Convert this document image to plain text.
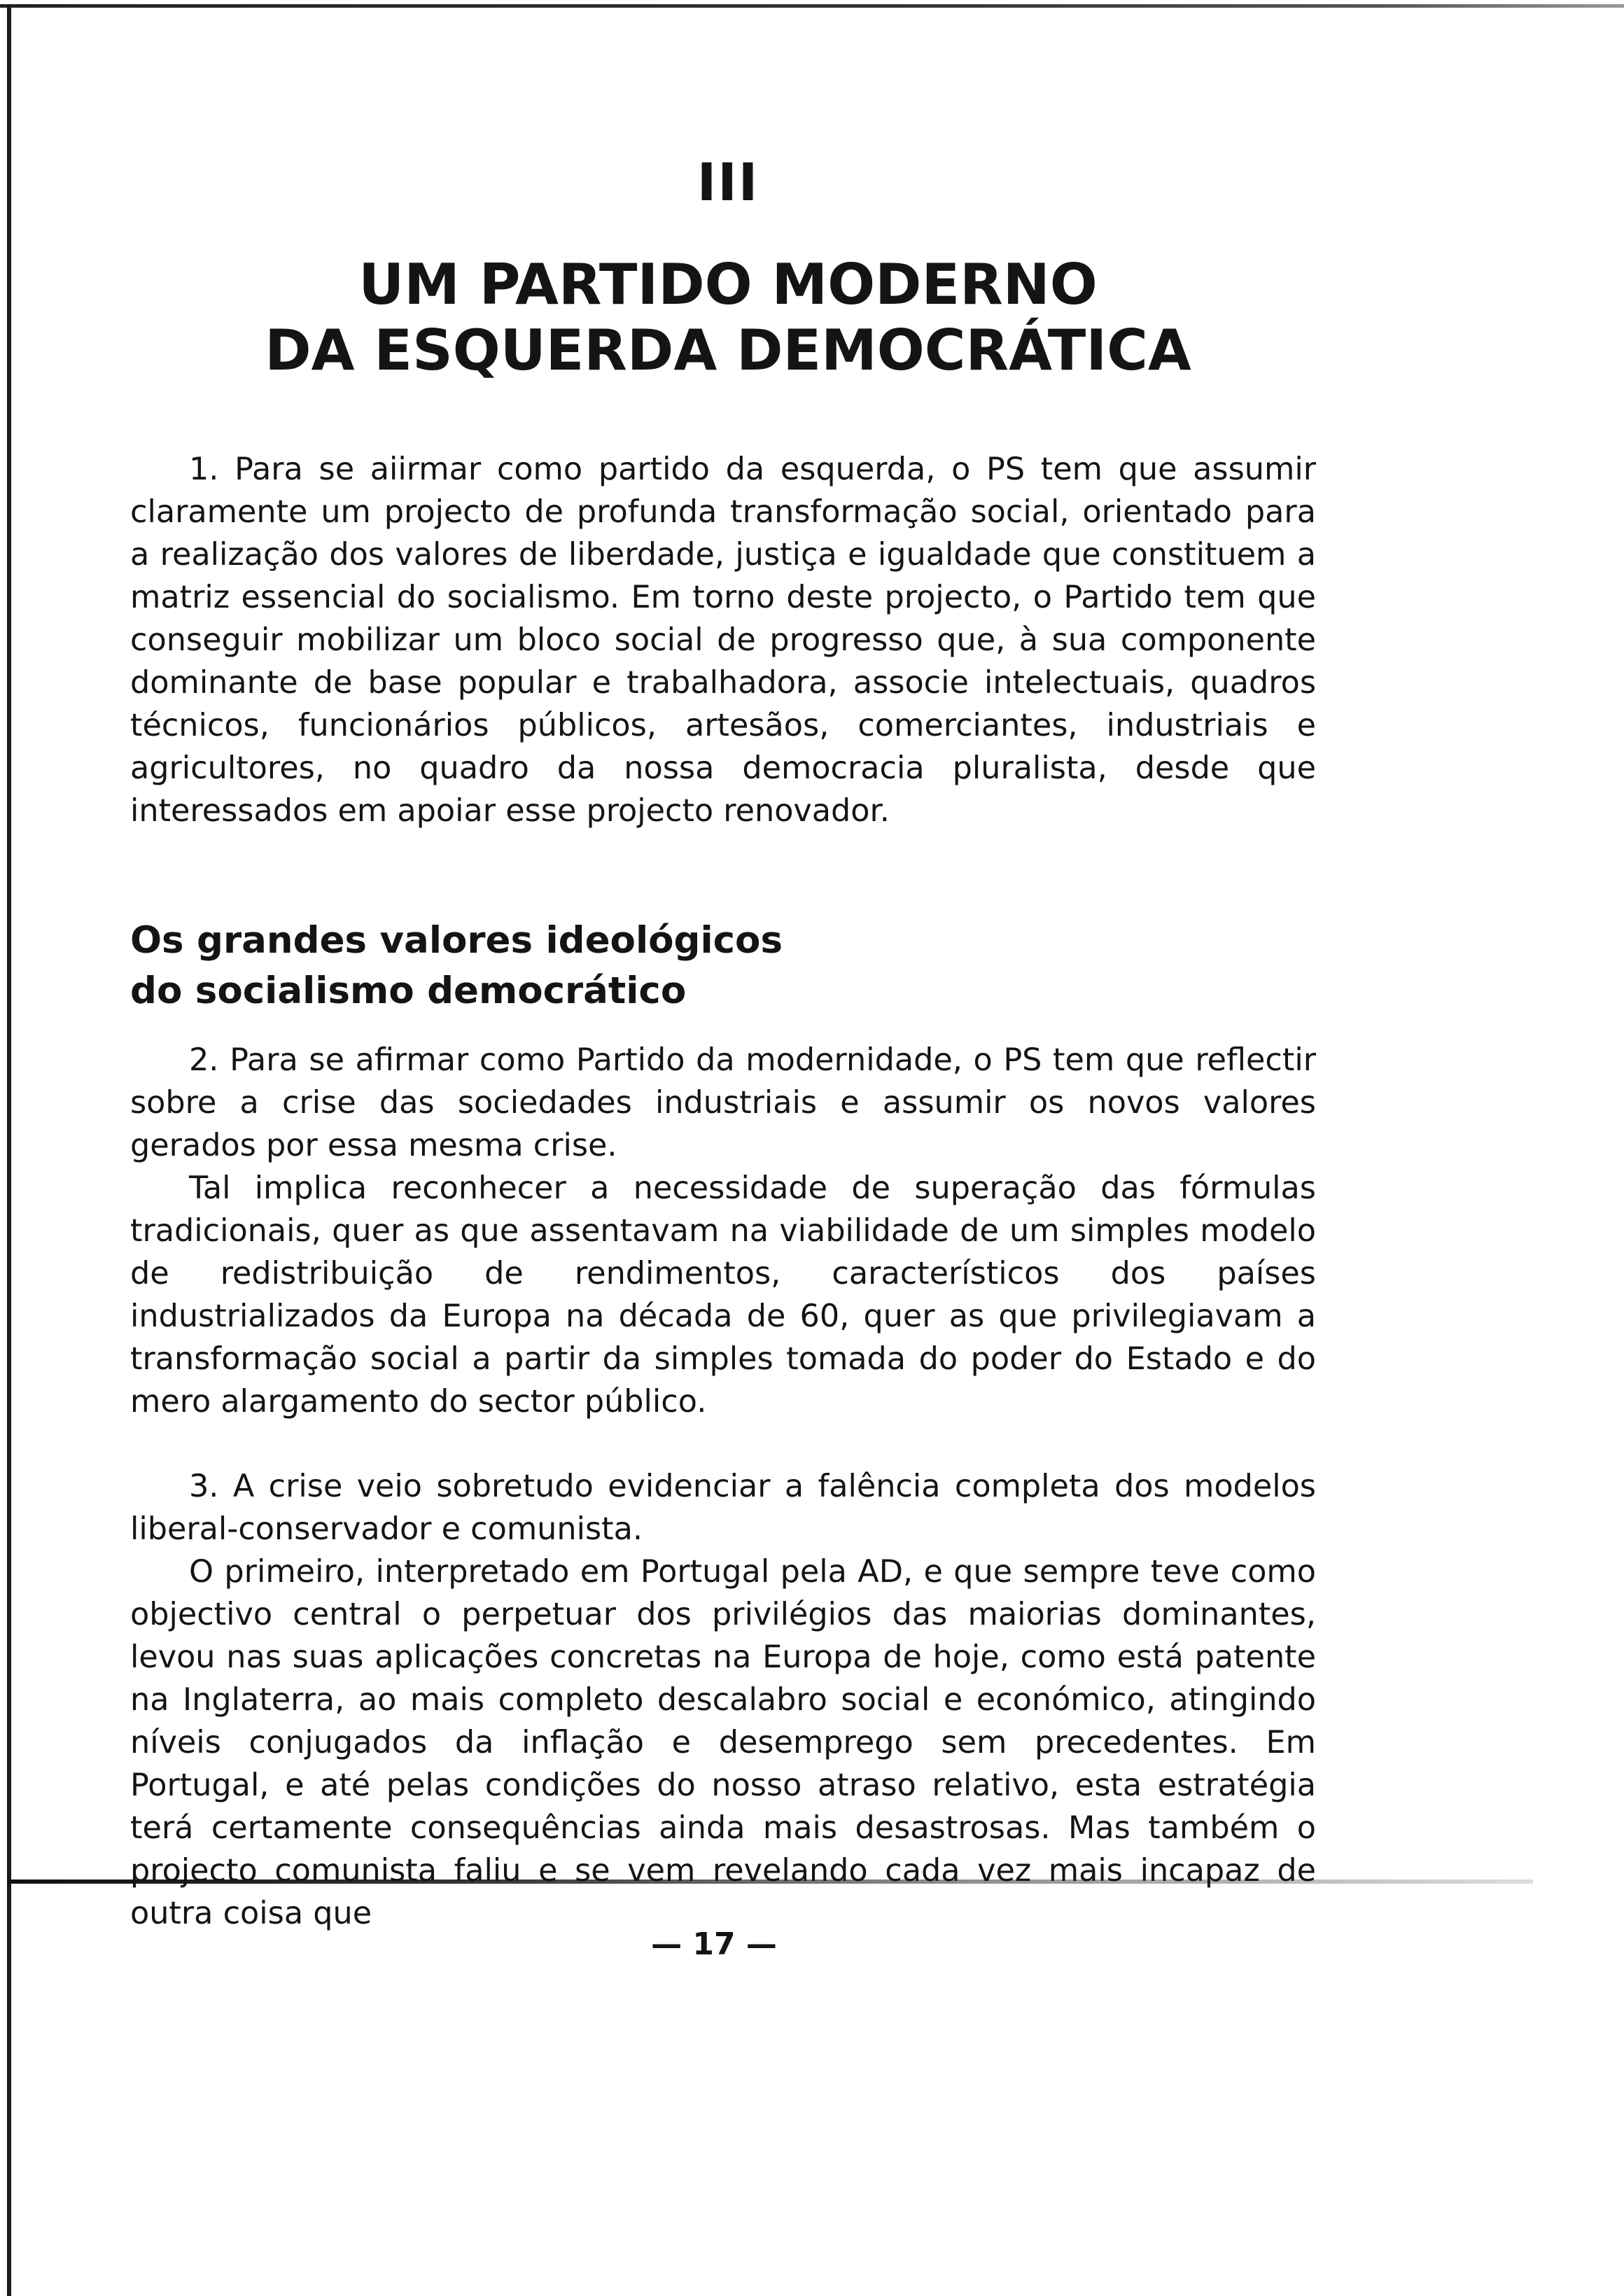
III
UM PARTIDO MODERNO
DA ESQUERDA DEMOCRÁTICA

1. Para se aiirmar como partido da esquerda, o PS tem que assumir claramente um projecto de profunda transformação social, orientado para a realização dos valores de liberdade, justiça e igualdade que constituem a matriz essencial do socialismo. Em torno deste projecto, o Partido tem que conseguir mobilizar um bloco social de progresso que, à sua componente dominante de base popular e trabalhadora, associe intelectuais, quadros técnicos, funcionários públicos, artesãos, comerciantes, industriais e agricultores, no quadro da nossa democracia pluralista, desde que interessados em apoiar esse projecto renovador.

Os grandes valores ideológicos
do socialismo democrático

2. Para se afirmar como Partido da modernidade, o PS tem que reflectir sobre a crise das sociedades industriais e assumir os novos valores gerados por essa mesma crise.

Tal implica reconhecer a necessidade de superação das fórmulas tradicionais, quer as que assentavam na viabilidade de um simples modelo de redistribuição de rendimentos, característicos dos países industrializados da Europa na década de 60, quer as que privilegiavam a transformação social a partir da simples tomada do poder do Estado e do mero alargamento do sector público.

3. A crise veio sobretudo evidenciar a falência completa dos modelos liberal-conservador e comunista.

O primeiro, interpretado em Portugal pela AD, e que sempre teve como objectivo central o perpetuar dos privilégios das maiorias dominantes, levou nas suas aplicações concretas na Europa de hoje, como está patente na Inglaterra, ao mais completo descalabro social e económico, atingindo níveis conjugados da inflação e desemprego sem precedentes. Em Portugal, e até pelas condições do nosso atraso relativo, esta estratégia terá certamente consequências ainda mais desastrosas. Mas também o projecto comunista faliu e se vem revelando cada vez mais incapaz de outra coisa que

— 17 —
